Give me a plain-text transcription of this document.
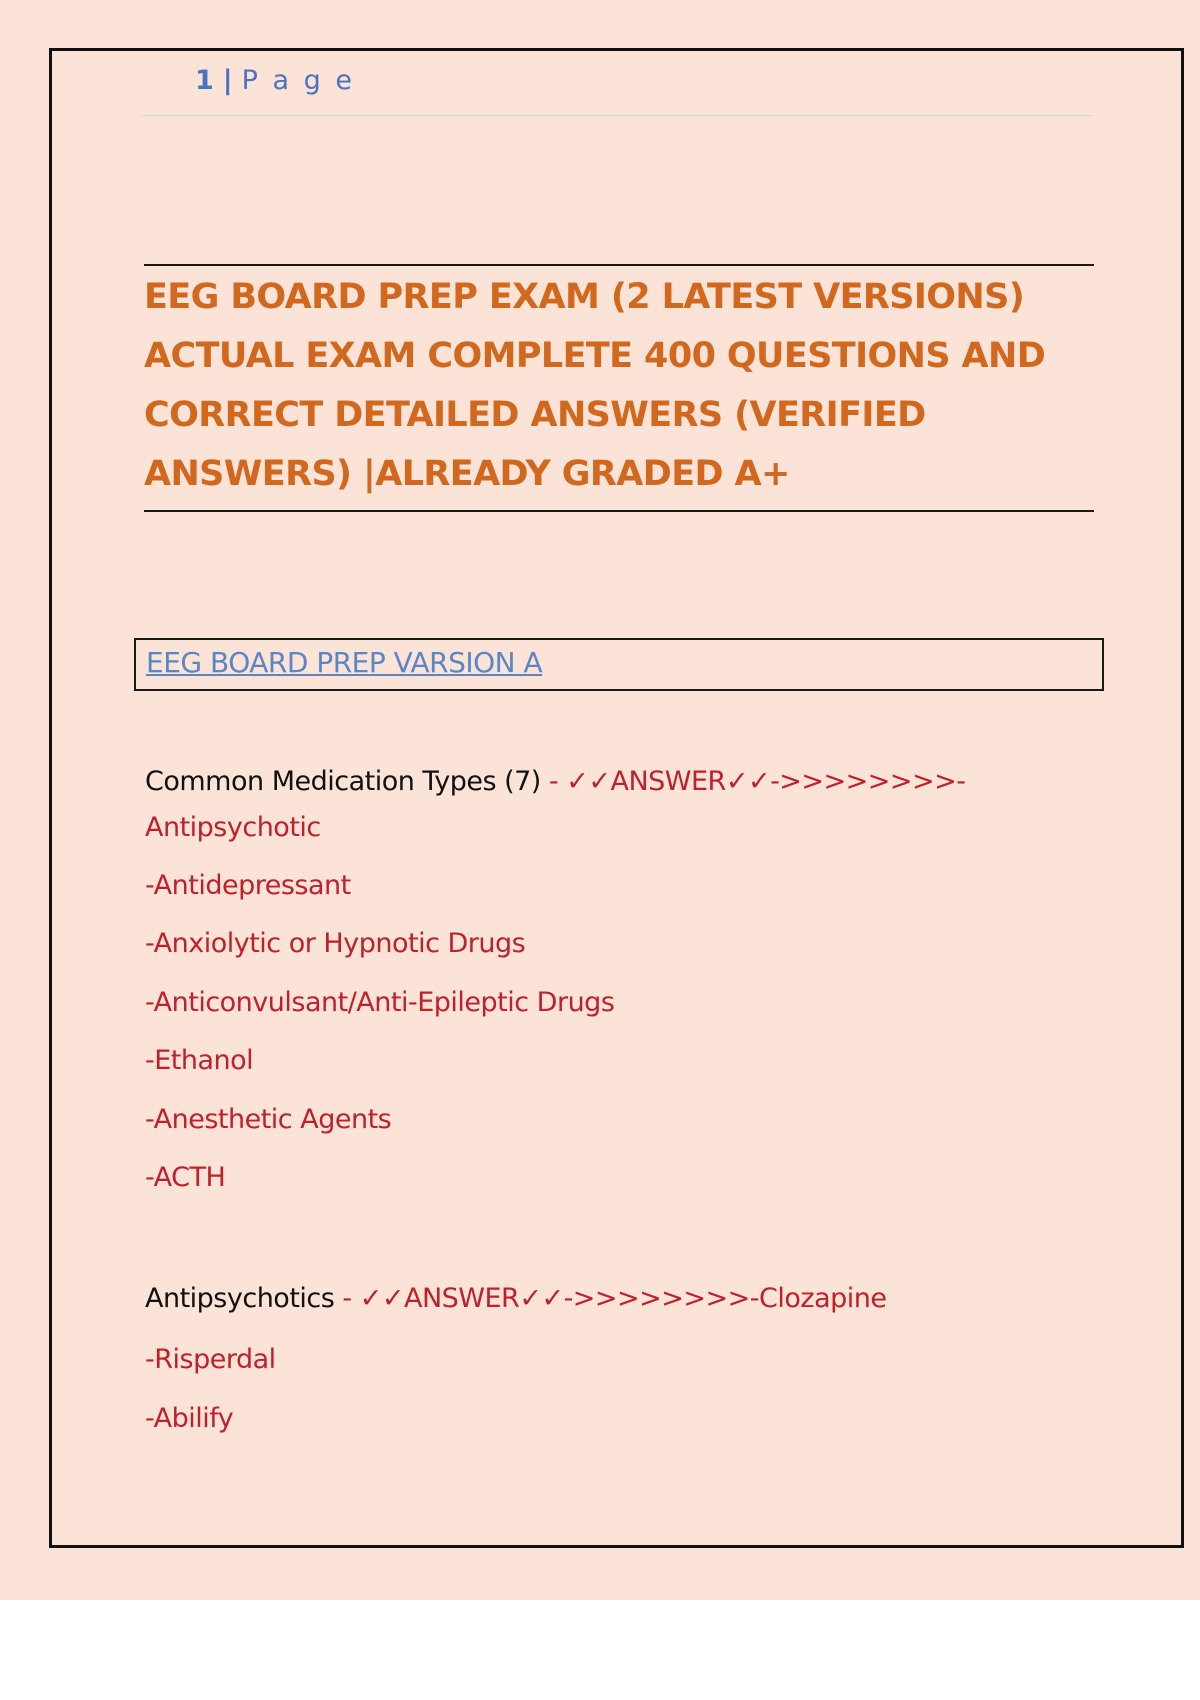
1 | P a g e
EEG BOARD PREP EXAM (2 LATEST VERSIONS)
ACTUAL EXAM COMPLETE 400 QUESTIONS AND
CORRECT DETAILED ANSWERS (VERIFIED
ANSWERS) |ALREADY GRADED A+
EEG BOARD PREP VARSION A
Common Medication Types (7) - ✓✓ANSWER✓✓->>>>>>>>-
Antipsychotic
-Antidepressant
-Anxiolytic or Hypnotic Drugs
-Anticonvulsant/Anti-Epileptic Drugs
-Ethanol
-Anesthetic Agents
-ACTH
Antipsychotics - ✓✓ANSWER✓✓->>>>>>>>-Clozapine
-Risperdal
-Abilify
